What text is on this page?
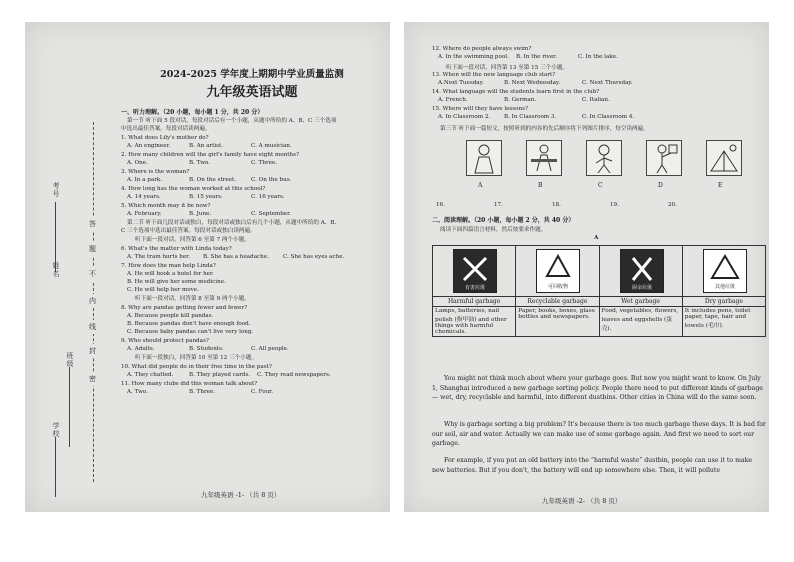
考号
姓名
班级
学校
答
题
不
内
线
封
密
2024-2025 学年度上期期中学业质量监测
九年级英语试题
一、听力理解。（20 小题，每小题 1 分，共 20 分）
第一节 听下面 5 段对话，每段对话后有一个小题，从题中所给的 A、B、C 三个选项
中选出最佳答案。每段对话读两遍。
1. What does Lily's mother do?
A. An engineer.	B. An artist.	C. A musician.
2. How many children will the girl's family have eight months?
A. One.	B. Two.	C. Three.
3. Where is the woman?
A. In a park.	B. On the street.	C. On the bus.
4. How long has the woman worked at this school?
A. 14 years.	B. 15 years.	C. 16 years.
5. Which month may it be now?
A. February.	B. June.	C. September.
第二节 听下面几段对话或独白，每段对话或独白后有几个小题，从题中所给的 A、B、
C 三个选项中选出最佳答案。每段对话或独白读两遍。
听下面一段对话，回答第 6 至第 7 两个小题。
6. What's the matter with Linda today?
A. The train hurts her. B. She has a headache.	C. She has eyes ache.
7. How does the man help Linda?
A. He will book a hotel for her.
B. He will give her some medicine.
C. He will help her move.
听下面一段对话，回答第 8 至第 9 两个小题。
8. Why are pandas getting fewer and fewer?
A. Because people kill pandas.
B. Because pandas don't have enough food.
C. Because baby pandas can't live very long.
9. Who should protect pandas?
A. Adults.	B. Students.	C. All people.
听下面一段独白，回答第 10 至第 12 三个小题。
10. What did people do in their free time in the past?
A. They chatted.	B. They played cards. C. They read newspapers.
11. How many clubs did this woman talk about?
A. Two.	B. Three.	C. Four.
九年级英语 -1- （共 8 页）
12. Where do people always swim?
A. In the swimming pool. B. In the river.	C. In the lake.
听下面一段对话，回答第 13 至第 15 三个小题。
13. When will the new language club start?
A.Next Tuesday.	B. Next Wednesday.	C. Next Thursday.
14. What language will the students learn first in the club?
A. French.	B. German.	C. Italian.
15. Where will they have lessons?
A. In Classroom 2. B. In Classroom 3.	C. In Classroom 4.
第三节 听下面一篇短文，按照听到的内容的先后顺序将下列图片排序，每空读两遍。
A	B	C	D	E
16.	17.	18.	19.	20.
二、阅读理解。（20 小题，每小题 2 分，共 40 分）
阅读下面四篇语言材料，然后按要求作题。
A
有害垃圾	可回收物	厨余垃圾	其他垃圾

Harmful garbage	Recyclable garbage	Wet garbage	Dry garbage
Lamps, batteries, nail polish (指甲油) and other things with harmful chemicals.	Paper, books, boxes, glass bottles and newspapers.	Food, vegetables, flowers, leaves and eggshells (蛋壳).	It includes pens, toilet paper, tape, hair and towels (毛巾).
You might not think much about where your garbage goes. But now you might want to know. On July 1, Shanghai introduced a new garbage sorting policy. People there need to put different kinds of garbage — wet, dry, recyclable and harmful, into different dustbins. Other cities in China will do the same soon.
Why is garbage sorting a big problem? It's because there is too much garbage these days. It is bad for our soil, air and water. Actually we can make use of some garbage again. And first we need to sort our garbage.
For example, if you put an old battery into the “harmful waste” dustbin, people can use it to make new batteries. But if you don't, the battery will end up somewhere else. Then, it will pollute
九年级英语 -2- （共 8 页）
